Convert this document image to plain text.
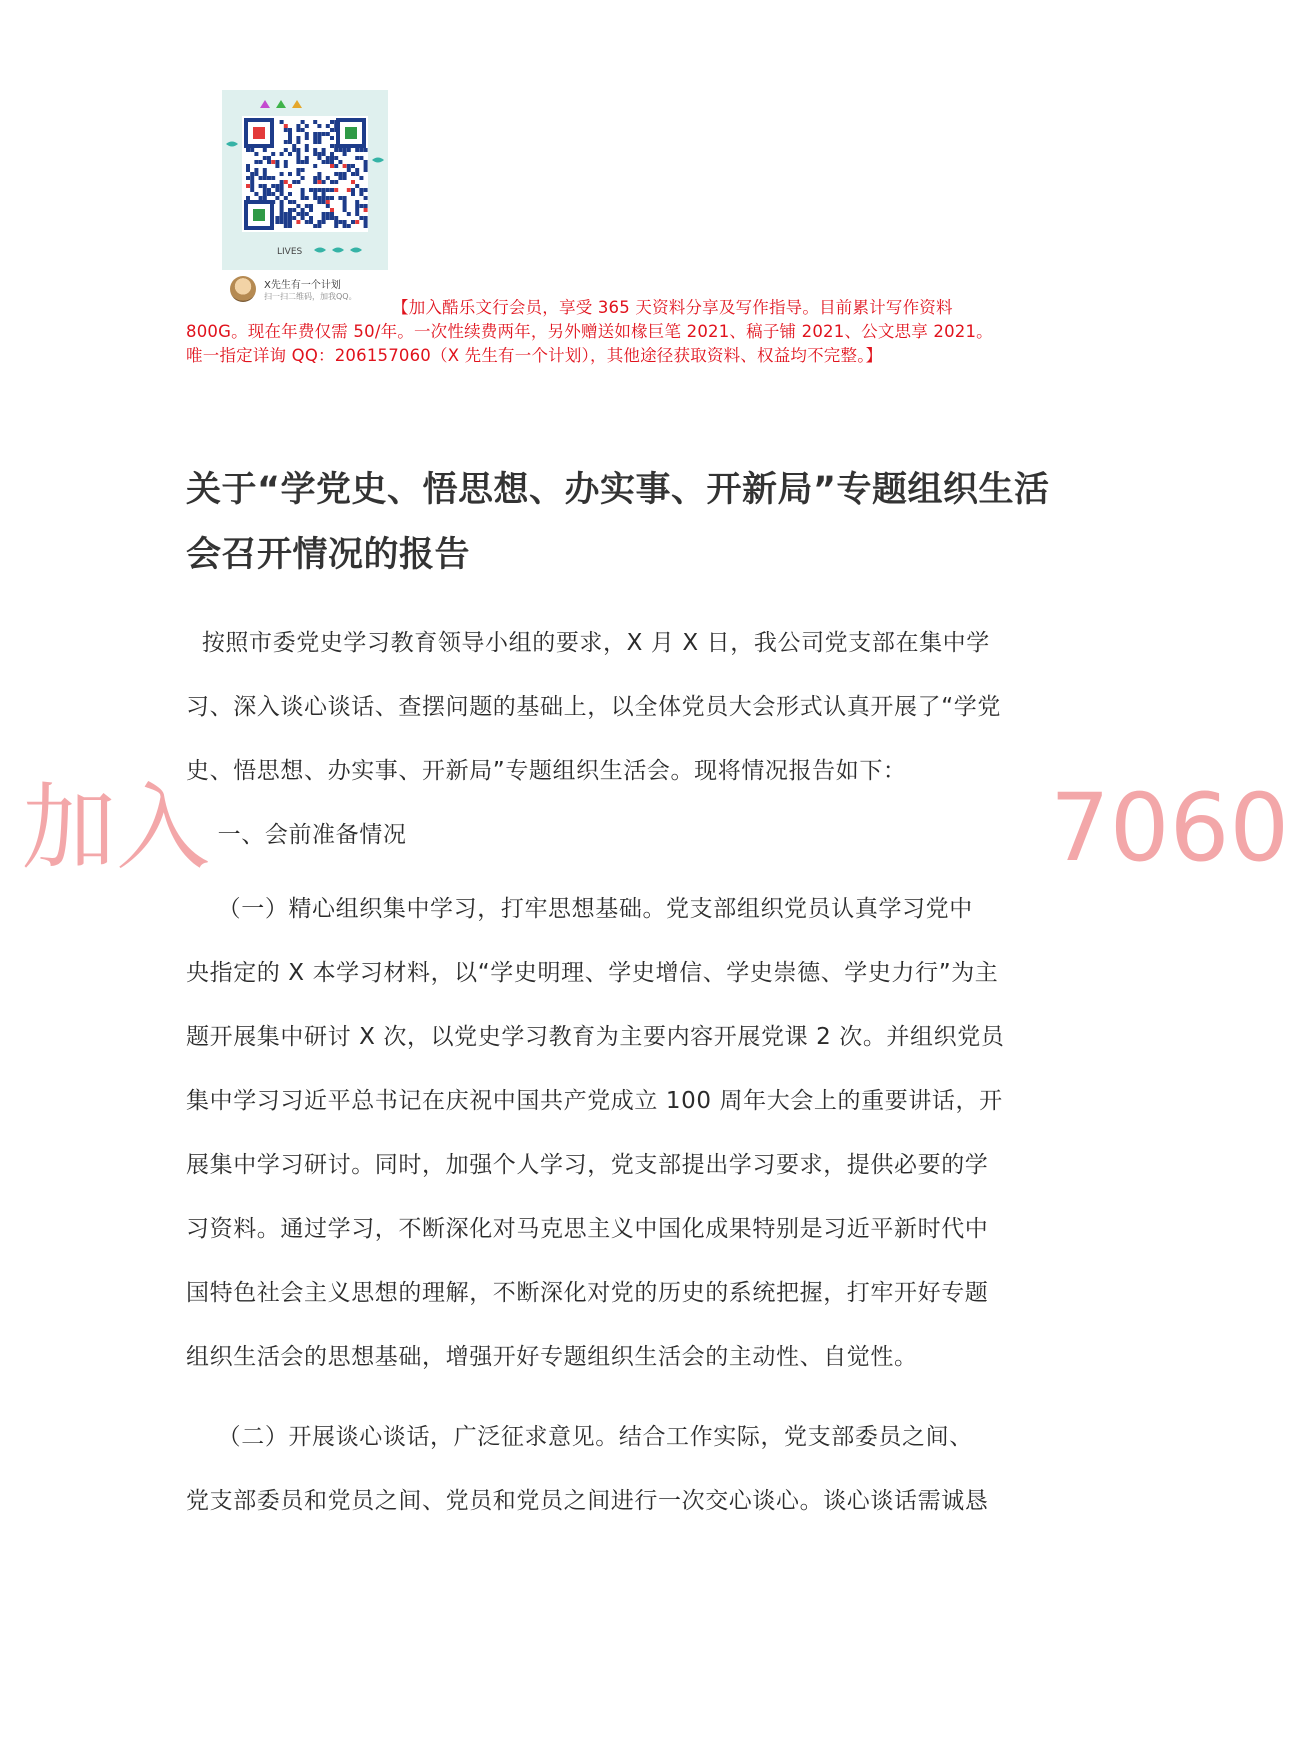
LIVES
X先生有一个计划
扫一扫二维码，加我QQ。
【加入酷乐文行会员，享受 365 天资料分享及写作指导。目前累计写作资料
800G。现在年费仅需 50/年。一次性续费两年，另外赠送如椽巨笔 2021、稿子铺 2021、公文思享 2021。
唯一指定详询 QQ：206157060（X 先生有一个计划），其他途径获取资料、权益均不完整。】
加入	7060
关于“学党史、悟思想、办实事、开新局”专题组织生活会召开情况的报告
按照市委党史学习教育领导小组的要求，X 月 X 日，我公司党支部在集中学
习、深入谈心谈话、查摆问题的基础上，以全体党员大会形式认真开展了“学党
史、悟思想、办实事、开新局”专题组织生活会。现将情况报告如下：
一、会前准备情况
（一）精心组织集中学习，打牢思想基础。党支部组织党员认真学习党中
央指定的 X 本学习材料，以“学史明理、学史增信、学史崇德、学史力行”为主
题开展集中研讨 X 次，以党史学习教育为主要内容开展党课 2 次。并组织党员
集中学习习近平总书记在庆祝中国共产党成立 100 周年大会上的重要讲话，开
展集中学习研讨。同时，加强个人学习，党支部提出学习要求，提供必要的学
习资料。通过学习，不断深化对马克思主义中国化成果特别是习近平新时代中
国特色社会主义思想的理解，不断深化对党的历史的系统把握，打牢开好专题
组织生活会的思想基础，增强开好专题组织生活会的主动性、自觉性。
（二）开展谈心谈话，广泛征求意见。结合工作实际，党支部委员之间、
党支部委员和党员之间、党员和党员之间进行一次交心谈心。谈心谈话需诚恳
